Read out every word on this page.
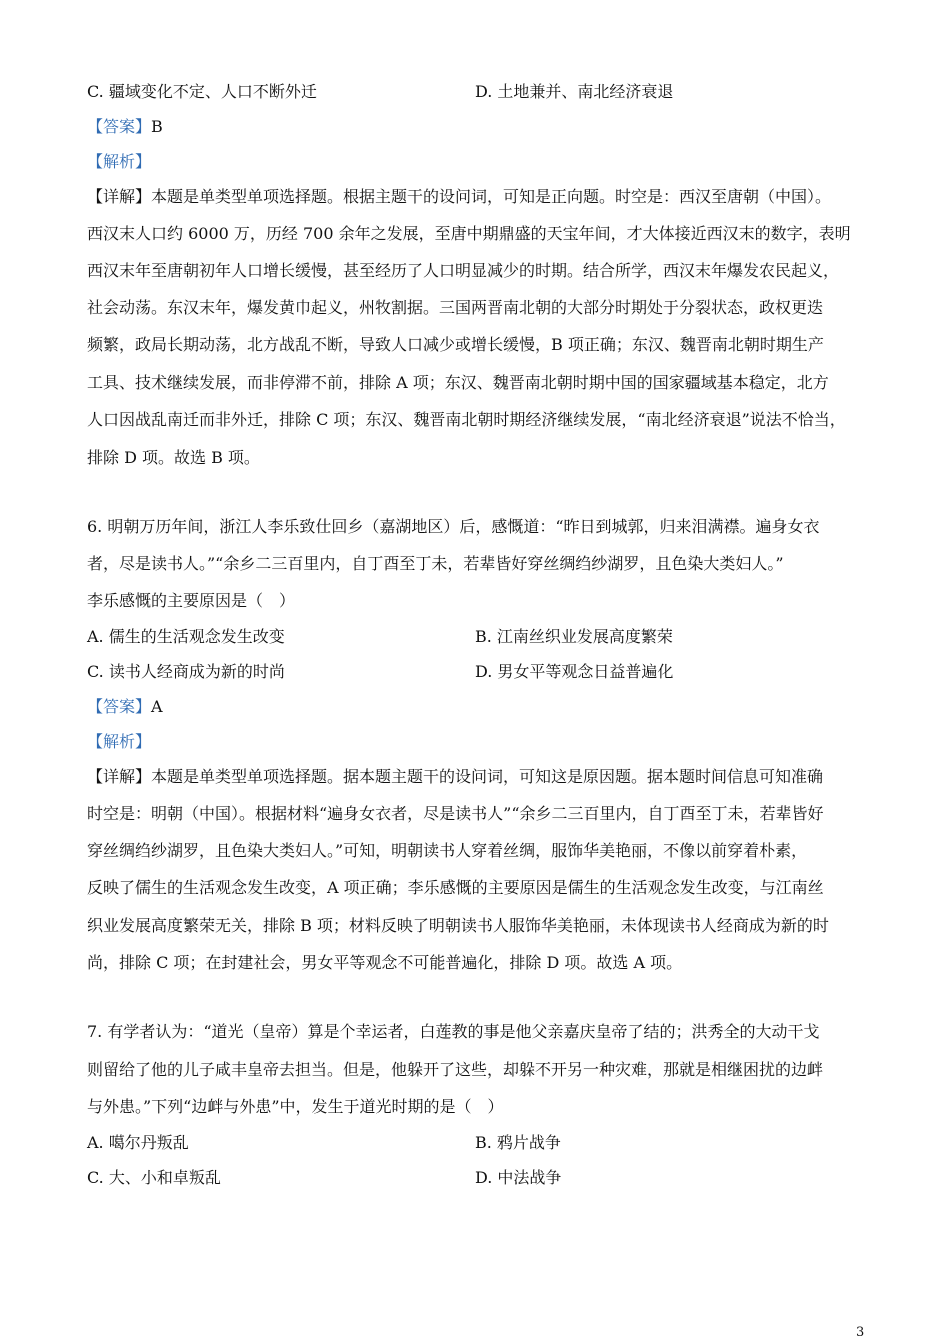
C. 疆域变化不定、人口不断外迁	D. 土地兼并、南北经济衰退
【答案】B
【解析】
【详解】本题是单类型单项选择题。根据主题干的设问词，可知是正向题。时空是：西汉至唐朝（中国）。
西汉末人口约 6000 万，历经 700 余年之发展，至唐中期鼎盛的天宝年间，才大体接近西汉末的数字，表明
西汉末年至唐朝初年人口增长缓慢，甚至经历了人口明显减少的时期。结合所学，西汉末年爆发农民起义，
社会动荡。东汉末年，爆发黄巾起义，州牧割据。三国两晋南北朝的大部分时期处于分裂状态，政权更迭
频繁，政局长期动荡，北方战乱不断，导致人口减少或增长缓慢，B 项正确；东汉、魏晋南北朝时期生产
工具、技术继续发展，而非停滞不前，排除 A 项；东汉、魏晋南北朝时期中国的国家疆域基本稳定，北方
人口因战乱南迁而非外迁，排除 C 项；东汉、魏晋南北朝时期经济继续发展，“南北经济衰退”说法不恰当，
排除 D 项。故选 B 项。
6. 明朝万历年间，浙江人李乐致仕回乡（嘉湖地区）后，感慨道：“昨日到城郭，归来泪满襟。遍身女衣
者，尽是读书人。”“余乡二三百里内，自丁酉至丁未，若辈皆好穿丝绸绉纱湖罗，且色染大类妇人。”
李乐感慨的主要原因是（　）
A. 儒生的生活观念发生改变	B. 江南丝织业发展高度繁荣
C. 读书人经商成为新的时尚	D. 男女平等观念日益普遍化
【答案】A
【解析】
【详解】本题是单类型单项选择题。据本题主题干的设问词，可知这是原因题。据本题时间信息可知准确
时空是：明朝（中国）。根据材料“遍身女衣者，尽是读书人”“余乡二三百里内，自丁酉至丁未，若辈皆好
穿丝绸绉纱湖罗，且色染大类妇人。”可知，明朝读书人穿着丝绸，服饰华美艳丽，不像以前穿着朴素，
反映了儒生的生活观念发生改变，A 项正确；李乐感慨的主要原因是儒生的生活观念发生改变，与江南丝
织业发展高度繁荣无关，排除 B 项；材料反映了明朝读书人服饰华美艳丽，未体现读书人经商成为新的时
尚，排除 C 项；在封建社会，男女平等观念不可能普遍化，排除 D 项。故选 A 项。
7. 有学者认为：“道光（皇帝）算是个幸运者，白莲教的事是他父亲嘉庆皇帝了结的；洪秀全的大动干戈
则留给了他的儿子咸丰皇帝去担当。但是，他躲开了这些，却躲不开另一种灾难，那就是相继困扰的边衅
与外患。”下列“边衅与外患”中，发生于道光时期的是（　）
A. 噶尔丹叛乱	B. 鸦片战争
C. 大、小和卓叛乱	D. 中法战争
3
